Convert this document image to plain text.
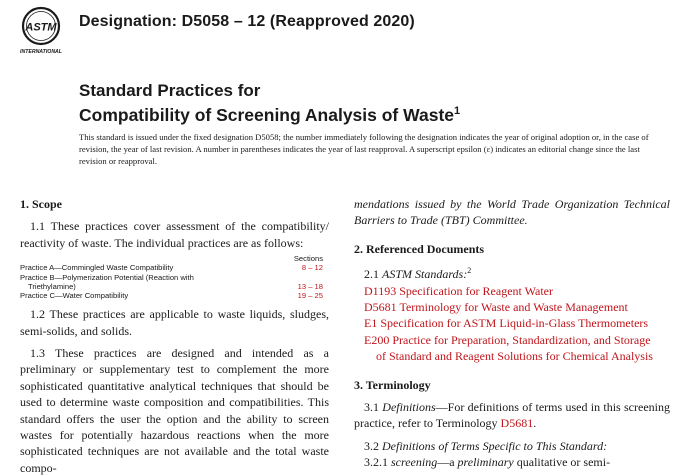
ASTM
INTERNATIONAL
Designation: D5058 – 12 (Reapproved 2020)
Standard Practices for
Compatibility of Screening Analysis of Waste$^1$
This standard is issued under the fixed designation D5058; the number immediately following the designation indicates the year of original adoption or, in the case of revision, the year of last revision. A number in parentheses indicates the year of last reapproval. A superscript epsilon (ε) indicates an editorial change since the last revision or reapproval.
1. Scope

1.1 These practices cover assessment of the compatibility/ reactivity of waste. The individual practices are as follows:

	Sections
Practice A—Commingled Waste Compatibility	8 – 12
Practice B—Polymerization Potential (Reaction with	
Triethylamine)	13 – 18
Practice C—Water Compatibility	19 – 25

1.2 These practices are applicable to waste liquids, sludges, semi-solids, and solids.

1.3 These practices are designed and intended as a preliminary or supplementary test to complement the more sophisticated quantitative analytical techniques that should be used to determine waste composition and compatibilities. This standard offers the user the option and the ability to screen wastes for potentially hazardous reactions when the more sophisticated techniques are not available and the total waste compo-

mendations issued by the World Trade Organization Technical Barriers to Trade (TBT) Committee.

2. Referenced Documents

2.1 ASTM Standards:$^2$

D1193 Specification for Reagent Water

D5681 Terminology for Waste and Waste Management

E1 Specification for ASTM Liquid-in-Glass Thermometers

E200 Practice for Preparation, Standardization, and Storage

of Standard and Reagent Solutions for Chemical Analysis

3. Terminology

3.1 Definitions—For definitions of terms used in this screening practice, refer to Terminology D5681.

3.2 Definitions of Terms Specific to This Standard:

3.2.1 screening—a preliminary qualitative or semi-
